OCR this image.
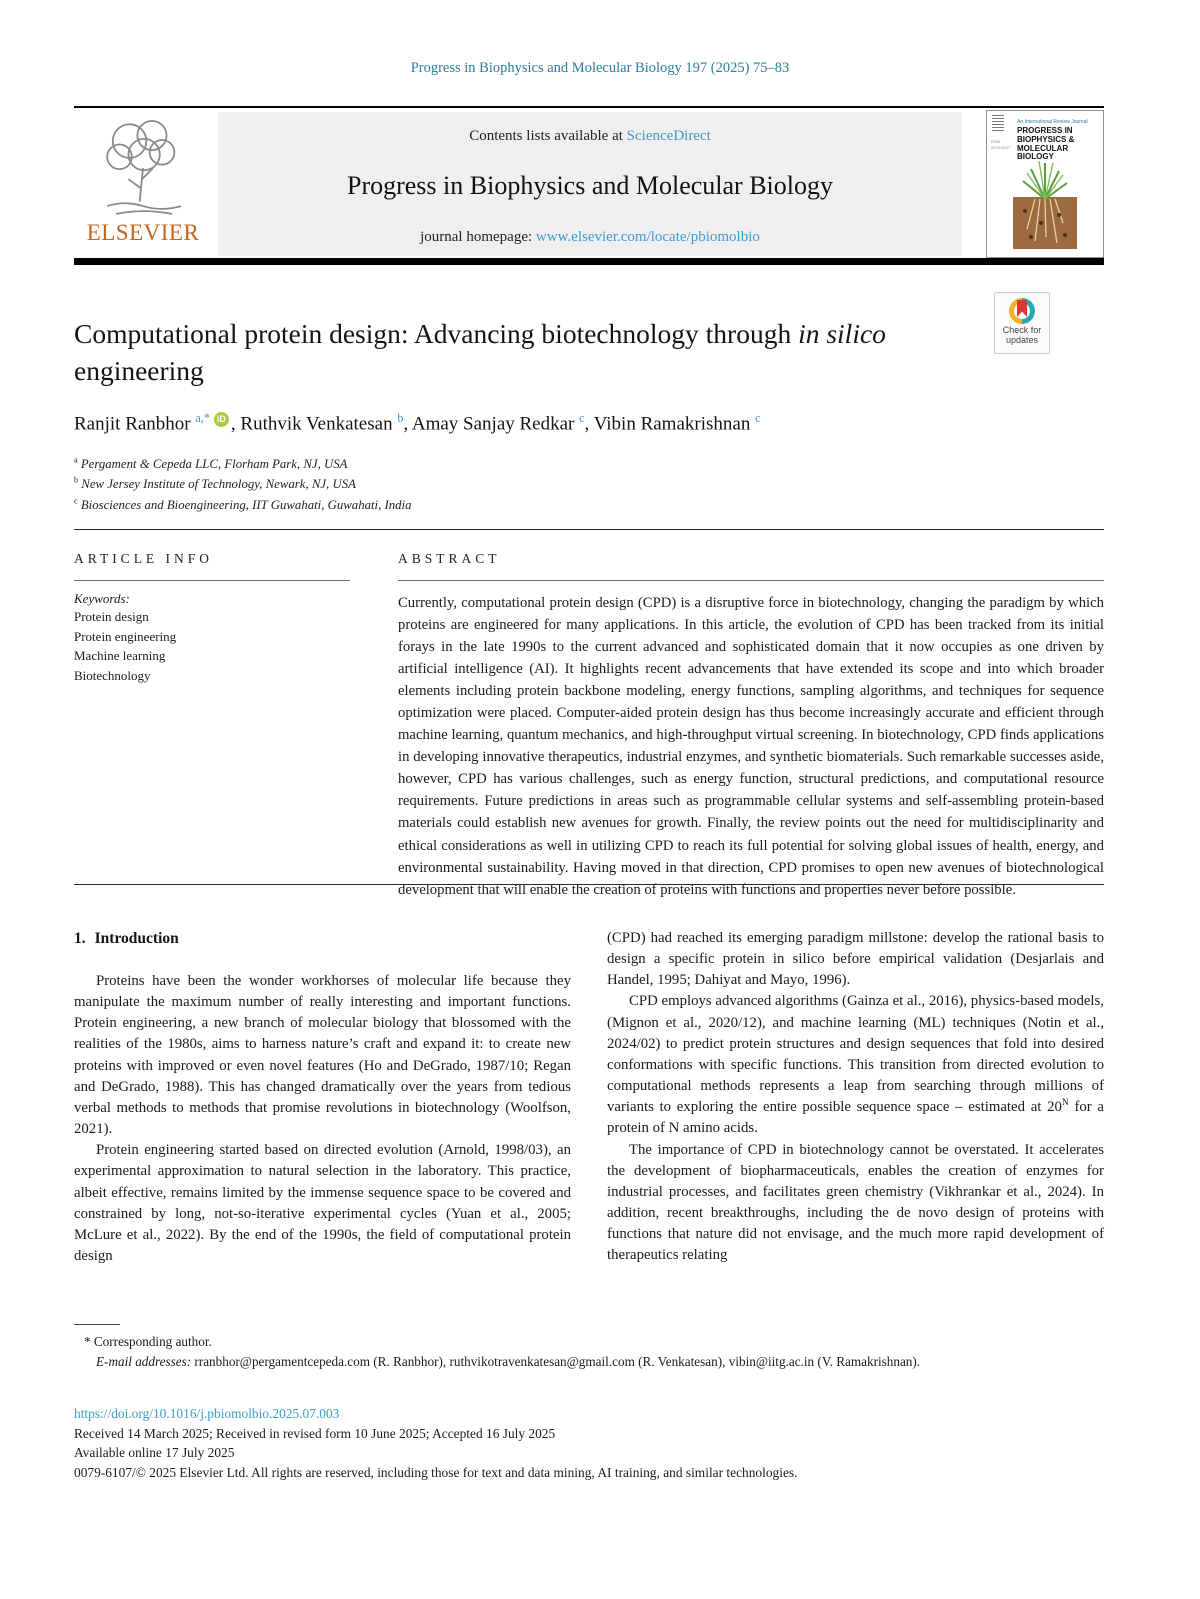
Progress in Biophysics and Molecular Biology 197 (2025) 75–83
ELSEVIER
Contents lists available at ScienceDirect
Progress in Biophysics and Molecular Biology
journal homepage: www.elsevier.com/locate/pbiomolbio
An International Review Journal
PROGRESS IN BIOPHYSICS & MOLECULAR BIOLOGY
ISSN 0079-6107
Check for
updates
Computational protein design: Advancing biotechnology through in silico engineering
Ranjit Ranbhor $^{a,*}$ iD , Ruthvik Venkatesan $^b$, Amay Sanjay Redkar $^c$, Vibin Ramakrishnan $^c$
$^a$ Pergament & Cepeda LLC, Florham Park, NJ, USA
$^b$ New Jersey Institute of Technology, Newark, NJ, USA
$^c$ Biosciences and Bioengineering, IIT Guwahati, Guwahati, India
ARTICLE INFO
Keywords:
Protein design
Protein engineering
Machine learning
Biotechnology
ABSTRACT
Currently, computational protein design (CPD) is a disruptive force in biotechnology, changing the paradigm by which proteins are engineered for many applications. In this article, the evolution of CPD has been tracked from its initial forays in the late 1990s to the current advanced and sophisticated domain that it now occupies as one driven by artificial intelligence (AI). It highlights recent advancements that have extended its scope and into which broader elements including protein backbone modeling, energy functions, sampling algorithms, and techniques for sequence optimization were placed. Computer-aided protein design has thus become increasingly accurate and efficient through machine learning, quantum mechanics, and high-throughput virtual screening. In biotechnology, CPD finds applications in developing innovative therapeutics, industrial enzymes, and synthetic biomaterials. Such remarkable successes aside, however, CPD has various challenges, such as energy function, structural predictions, and computational resource requirements. Future predictions in areas such as programmable cellular systems and self-assembling protein-based materials could establish new avenues for growth. Finally, the review points out the need for multidisciplinarity and ethical considerations as well in utilizing CPD to reach its full potential for solving global issues of health, energy, and environmental sustainability. Having moved in that direction, CPD promises to open new avenues of biotechnological development that will enable the creation of proteins with functions and properties never before possible.
1. Introduction

Proteins have been the wonder workhorses of molecular life because they manipulate the maximum number of really interesting and important functions. Protein engineering, a new branch of molecular biology that blossomed with the realities of the 1980s, aims to harness nature’s craft and expand it: to create new proteins with improved or even novel features (Ho and DeGrado, 1987/10; Regan and DeGrado, 1988). This has changed dramatically over the years from tedious verbal methods to methods that promise revolutions in biotechnology (Woolfson, 2021).

Protein engineering started based on directed evolution (Arnold, 1998/03), an experimental approximation to natural selection in the laboratory. This practice, albeit effective, remains limited by the immense sequence space to be covered and constrained by long, not-so-iterative experimental cycles (Yuan et al., 2005; McLure et al., 2022). By the end of the 1990s, the field of computational protein design

(CPD) had reached its emerging paradigm millstone: develop the rational basis to design a specific protein in silico before empirical validation (Desjarlais and Handel, 1995; Dahiyat and Mayo, 1996).

CPD employs advanced algorithms (Gainza et al., 2016), physics-based models, (Mignon et al., 2020/12), and machine learning (ML) techniques (Notin et al., 2024/02) to predict protein structures and design sequences that fold into desired conformations with specific functions. This transition from directed evolution to computational methods represents a leap from searching through millions of variants to exploring the entire possible sequence space – estimated at $20^N$ for a protein of N amino acids.

The importance of CPD in biotechnology cannot be overstated. It accelerates the development of biopharmaceuticals, enables the creation of enzymes for industrial processes, and facilitates green chemistry (Vikhrankar et al., 2024). In addition, recent breakthroughs, including the de novo design of proteins with functions that nature did not envisage, and the much more rapid development of therapeutics relating

* Corresponding author.
E-mail addresses: rranbhor@pergamentcepeda.com (R. Ranbhor), ruthvikotravenkatesan@gmail.com (R. Venkatesan), vibin@iitg.ac.in (V. Ramakrishnan).
https://doi.org/10.1016/j.pbiomolbio.2025.07.003
Received 14 March 2025; Received in revised form 10 June 2025; Accepted 16 July 2025
Available online 17 July 2025
0079-6107/© 2025 Elsevier Ltd. All rights are reserved, including those for text and data mining, AI training, and similar technologies.
